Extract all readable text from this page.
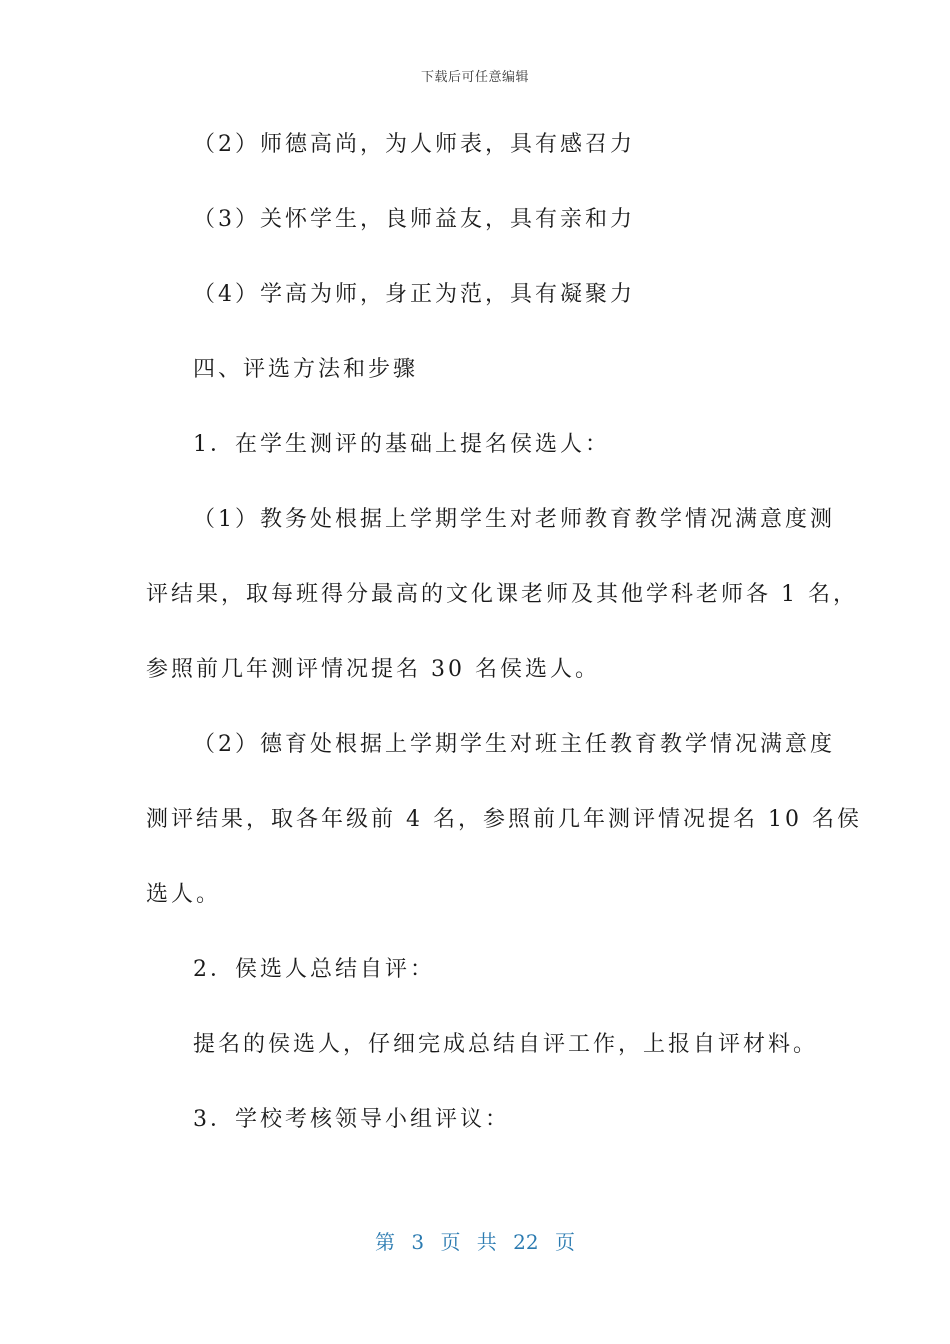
下载后可任意编辑
（2）师德高尚，为人师表，具有感召力
（3）关怀学生，良师益友，具有亲和力
（4）学高为师，身正为范，具有凝聚力
四、评选方法和步骤
1．在学生测评的基础上提名侯选人：
（1）教务处根据上学期学生对老师教育教学情况满意度测
评结果，取每班得分最高的文化课老师及其他学科老师各 1 名，
参照前几年测评情况提名 30 名侯选人。
（2）德育处根据上学期学生对班主任教育教学情况满意度
测评结果，取各年级前 4 名，参照前几年测评情况提名 10 名侯
选人。
2．侯选人总结自评：
提名的侯选人，仔细完成总结自评工作，上报自评材料。
3．学校考核领导小组评议：
第 3 页 共 22 页
